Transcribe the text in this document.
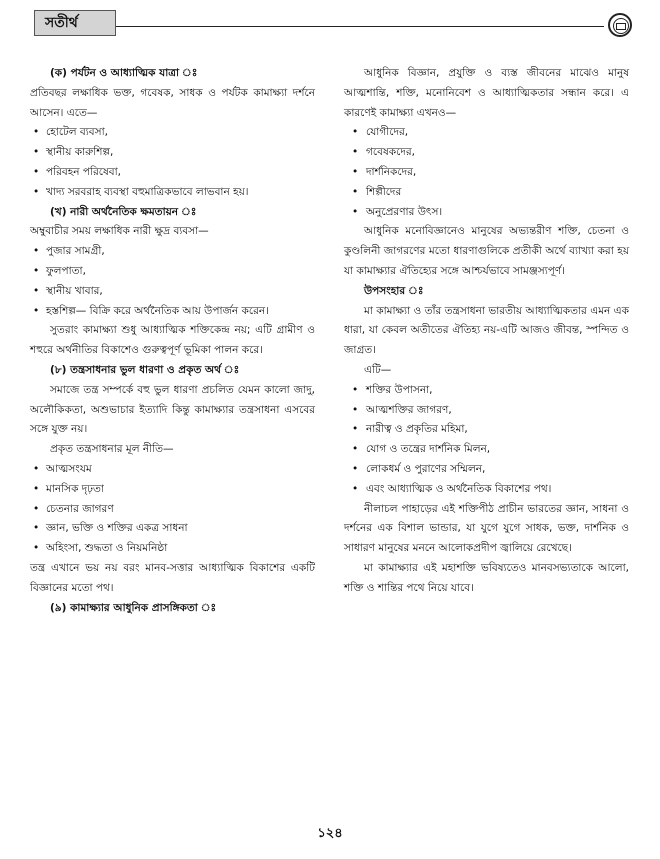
সতীর্থ

(ক) পর্যটন ও আধ্যাত্মিক যাত্রা ঃ

প্রতিবছর লক্ষাধিক ভক্ত, গবেষক, সাধক ও পর্যটক কামাক্ষ্যা দর্শনে আসেন। এতে—

• হোটেল ব্যবসা,
• স্থানীয় কারুশিল্প,
• পরিবহন পরিষেবা,
• খাদ্য সরবরাহ ব্যবস্থা বহুমাত্রিকভাবে লাভবান হয়।

(খ) নারী অর্থনৈতিক ক্ষমতায়ন ঃ

অম্বুবাচীর সময় লক্ষাধিক নারী ক্ষুদ্র ব্যবসা—

• পুজার সামগ্রী,
• ফুলপাতা,
• স্থানীয় খাবার,
• হস্তশিল্প— বিক্রি করে অর্থনৈতিক আয় উপার্জন করেন।

সুতরাং কামাক্ষ্যা শুধু আধ্যাত্মিক শক্তিকেন্দ্র নয়; এটি গ্রামীণ ও শহুরে অর্থনীতির বিকাশেও গুরুত্বপূর্ণ ভূমিকা পালন করে।

(৮) তন্ত্রসাধনার ভুল ধারণা ও প্রকৃত অর্থ ঃ

সমাজে তন্ত্র সম্পর্কে বহু ভুল ধারণা প্রচলিত যেমন কালো জাদু, অলৌকিকতা, অশুভাচার ইত্যাদি কিন্তু কামাক্ষ্যার তন্ত্রসাধনা এসবের সঙ্গে যুক্ত নয়।

প্রকৃত তন্ত্রসাধনার মূল নীতি—

• আত্মসংযম
• মানসিক দৃঢ়তা
• চেতনার জাগরণ
• জ্ঞান, ভক্তি ও শক্তির একত্র সাধনা
• অহিংসা, শুদ্ধতা ও নিয়মনিষ্ঠা

তন্ত্র এখানে ভয় নয় বরং মানব-সত্তার আধ্যাত্মিক বিকাশের একটি বিজ্ঞানের মতো পথ।

(৯) কামাক্ষ্যার আধুনিক প্রাসঙ্গিকতা ঃ

আধুনিক বিজ্ঞান, প্রযুক্তি ও ব্যস্ত জীবনের মাঝেও মানুষ আত্মশান্তি, শক্তি, মনোনিবেশ ও আধ্যাত্মিকতার সন্ধান করে। এ কারণেই কামাক্ষ্যা এখনও—

• যোগীদের,
• গবেষকদের,
• দার্শনিকদের,
• শিল্পীদের
• অনুপ্রেরণার উৎস।

আধুনিক মনোবিজ্ঞানেও মানুষের অভ্যন্তরীণ শক্তি, চেতনা ও কুণ্ডলিনী জাগরণের মতো ধারণাগুলিকে প্রতীকী অর্থে ব্যাখ্যা করা হয় যা কামাক্ষ্যার ঐতিহ্যের সঙ্গে আশ্চর্যভাবে সামঞ্জস্যপূর্ণ।

উপসংহার ঃ

মা কামাক্ষ্যা ও তাঁর তন্ত্রসাধনা ভারতীয় আধ্যাত্মিকতার এমন এক ধারা, যা কেবল অতীতের ঐতিহ্য নয়-এটি আজও জীবন্ত, স্পন্দিত ও জাগ্রত।

এটি—

• শক্তির উপাসনা,
• আত্মশক্তির জাগরণ,
• নারীত্ব ও প্রকৃতির মহিমা,
• যোগ ও তন্ত্রের দার্শনিক মিলন,
• লোকধর্ম ও পুরাণের সম্মিলন,
• এবং আধ্যাত্মিক ও অর্থনৈতিক বিকাশের পথ।

নীলাচল পাহাড়ের এই শক্তিপীঠ প্রাচীন ভারতের জ্ঞান, সাধনা ও দর্শনের এক বিশাল ভান্ডার, যা যুগে যুগে সাধক, ভক্ত, দার্শনিক ও সাধারণ মানুষের মননে আলোকপ্রদীপ জ্বালিয়ে রেখেছে।

মা কামাক্ষ্যার এই মহাশক্তি ভবিষ্যতেও মানবসভ্যতাকে আলো, শক্তি ও শান্তির পথে নিয়ে যাবে।

১২৪
